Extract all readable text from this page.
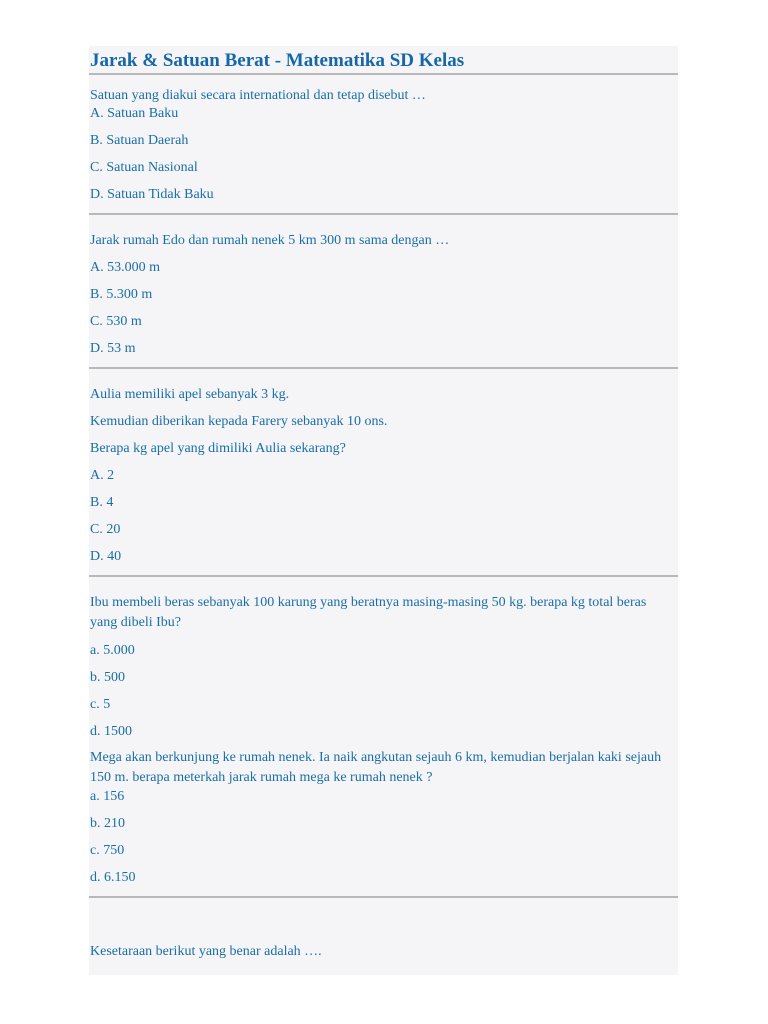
Jarak & Satuan Berat - Matematika SD Kelas
Satuan yang diakui secara international dan tetap disebut …
A. Satuan Baku
B. Satuan Daerah
C. Satuan Nasional
D. Satuan Tidak Baku
Jarak rumah Edo dan rumah nenek 5 km 300 m sama dengan …
A. 53.000 m
B. 5.300 m
C. 530 m
D. 53 m
Aulia memiliki apel sebanyak 3 kg.
Kemudian diberikan kepada Farery sebanyak 10 ons.
Berapa kg apel yang dimiliki Aulia sekarang?
A. 2
B. 4
C. 20
D. 40
Ibu membeli beras sebanyak 100 karung yang beratnya masing-masing 50 kg. berapa kg total beras yang dibeli Ibu?
a. 5.000
b. 500
c. 5
d. 1500
Mega akan berkunjung ke rumah nenek. Ia naik angkutan sejauh 6 km, kemudian berjalan kaki sejauh 150 m. berapa meterkah jarak rumah mega ke rumah nenek ?
a. 156
b. 210
c. 750
d. 6.150
Kesetaraan berikut yang benar adalah ….
